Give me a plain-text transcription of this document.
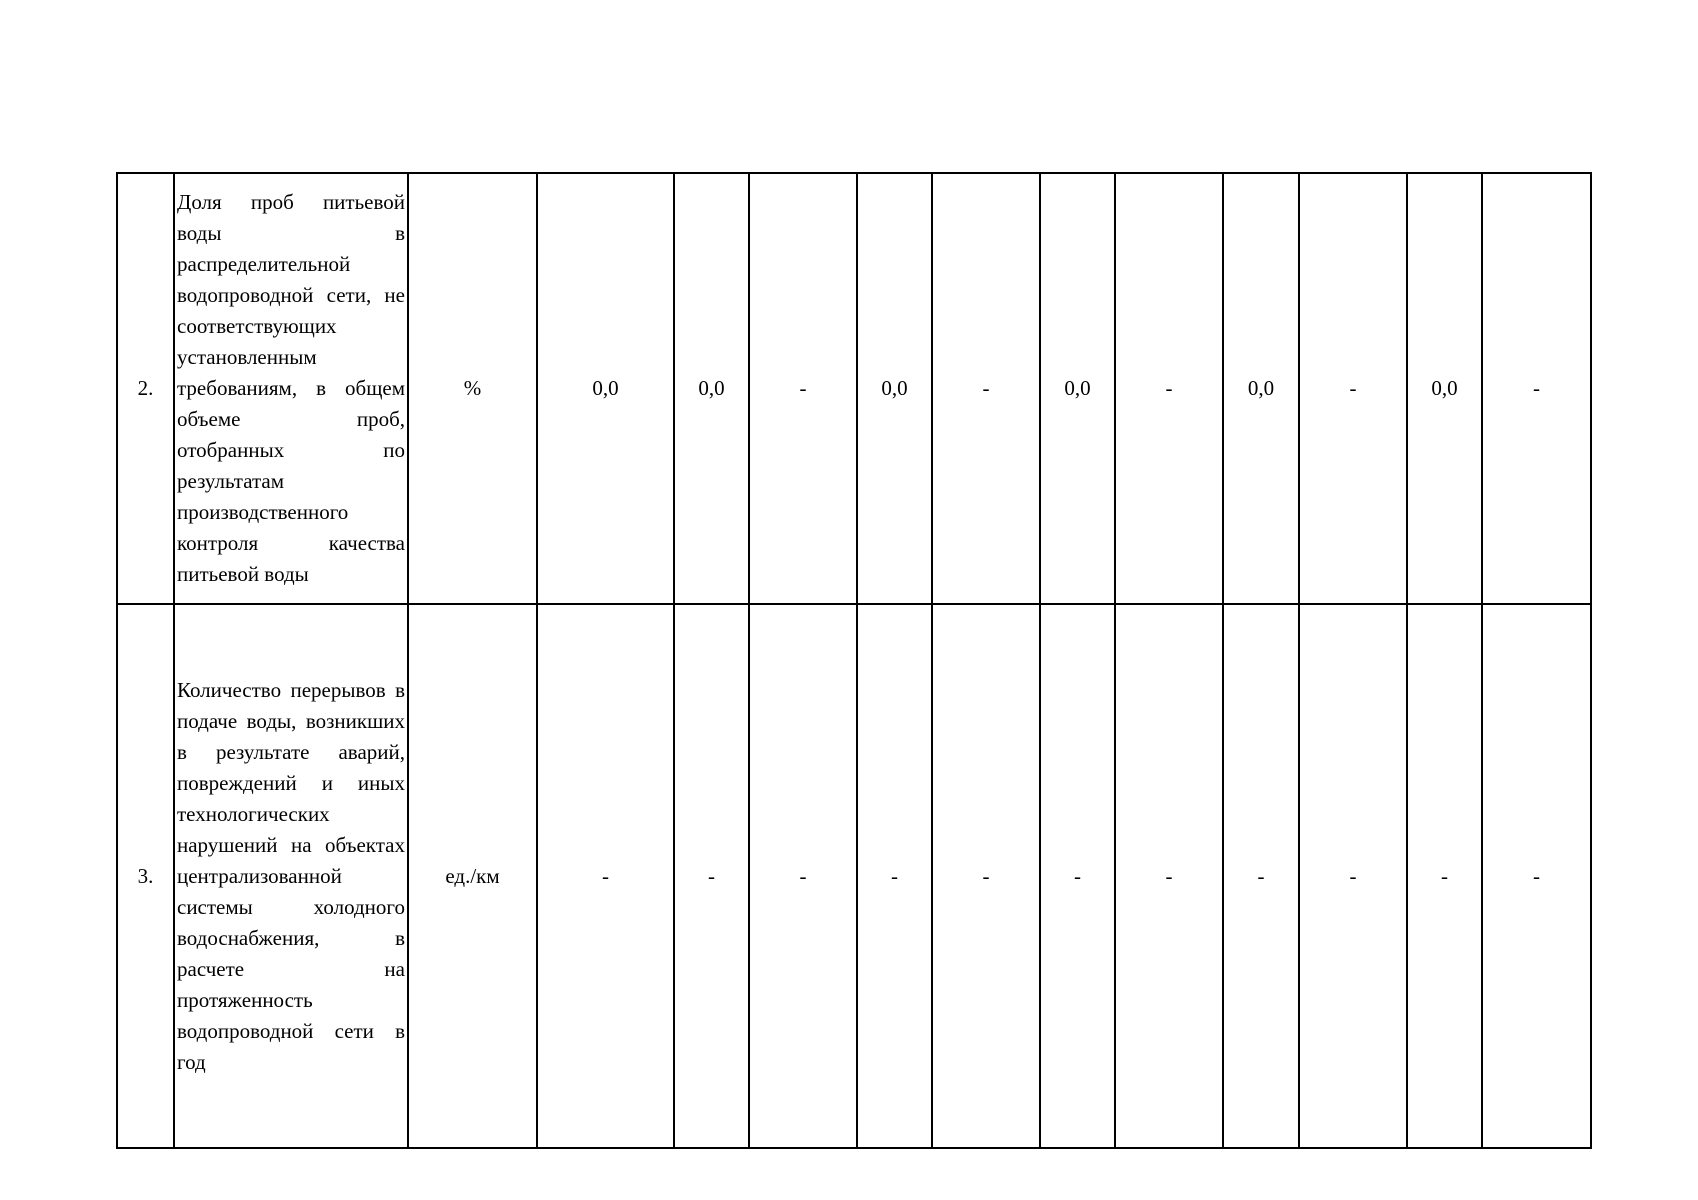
2.	Доля проб питьевой воды в распределительной водопроводной сети, не соответствующих установленным требованиям, в общем объеме проб, отобранных по результатам производственного контроля качества питьевой воды	%	0,0	0,0	-	0,0	-	0,0	-	0,0	-	0,0	-
3.	Количество перерывов в подаче воды, возникших в результате аварий, повреждений и иных технологических нарушений на объектах централизованной системы холодного водоснабжения, в расчете на протяженность водопроводной сети в год	ед./км	-	-	-	-	-	-	-	-	-	-	-
